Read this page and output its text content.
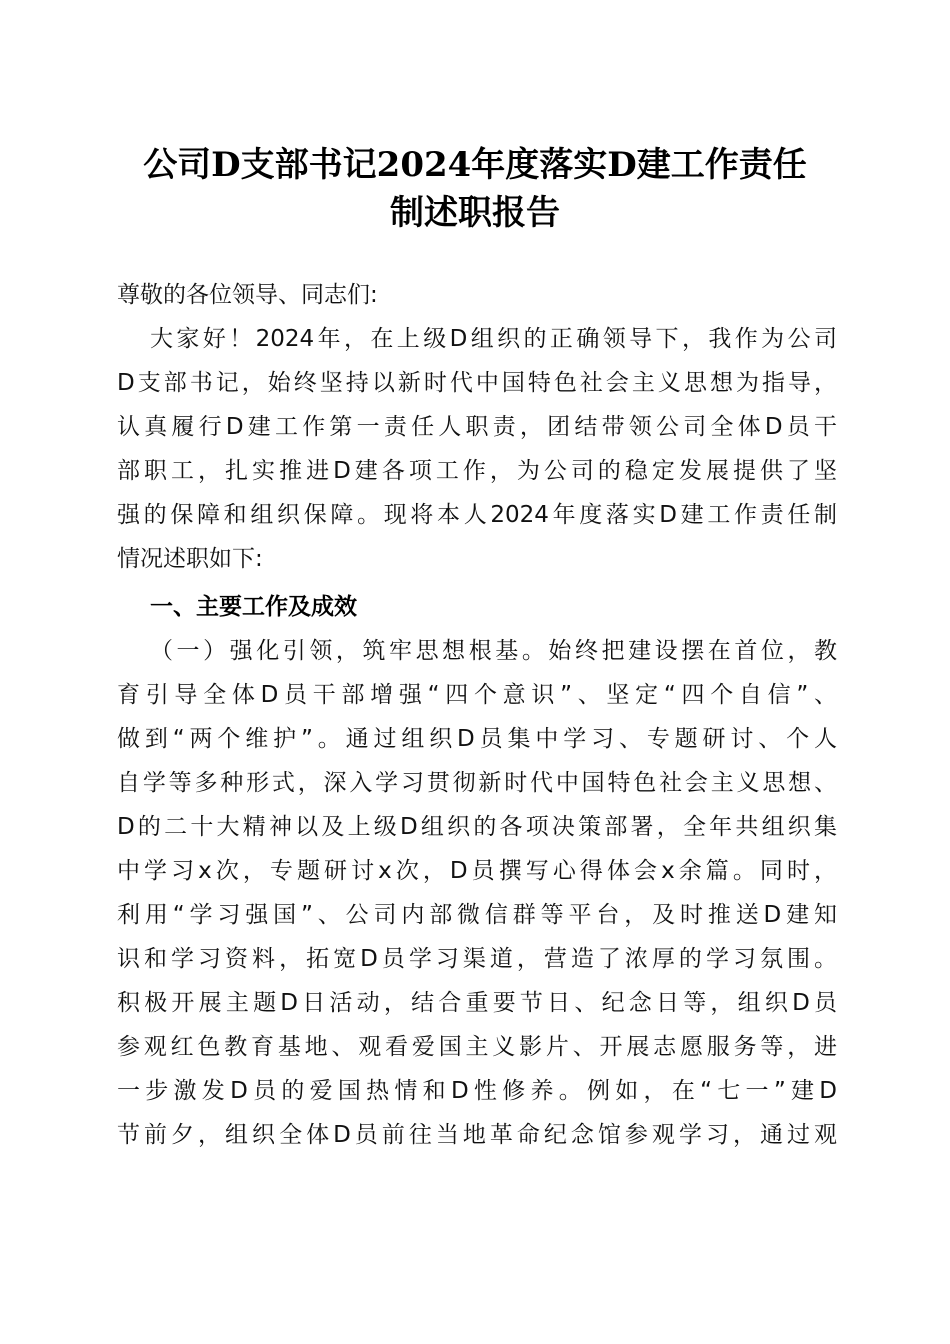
公司D支部书记2024年度落实D建工作责任
制述职报告
尊敬的各位领导、同志们:
大家好！2024年，在上级D组织的正确领导下，我作为公司
D支部书记，始终坚持以新时代中国特色社会主义思想为指导，
认真履行D建工作第一责任人职责，团结带领公司全体D员干
部职工，扎实推进D建各项工作，为公司的稳定发展提供了坚
强的保障和组织保障。现将本人2024年度落实D建工作责任制
情况述职如下:
一、主要工作及成效
（一）强化引领，筑牢思想根基。始终把建设摆在首位，教
育引导全体D员干部增强“四个意识”、坚定“四个自信”、
做到“两个维护”。通过组织D员集中学习、专题研讨、个人
自学等多种形式，深入学习贯彻新时代中国特色社会主义思想、
D的二十大精神以及上级D组织的各项决策部署，全年共组织集
中学习x次，专题研讨x次，D员撰写心得体会x余篇。同时，
利用“学习强国”、公司内部微信群等平台，及时推送D建知
识和学习资料，拓宽D员学习渠道，营造了浓厚的学习氛围。
积极开展主题D日活动，结合重要节日、纪念日等，组织D员
参观红色教育基地、观看爱国主义影片、开展志愿服务等，进
一步激发D员的爱国热情和D性修养。例如，在“七一”建D
节前夕，组织全体D员前往当地革命纪念馆参观学习，通过观
